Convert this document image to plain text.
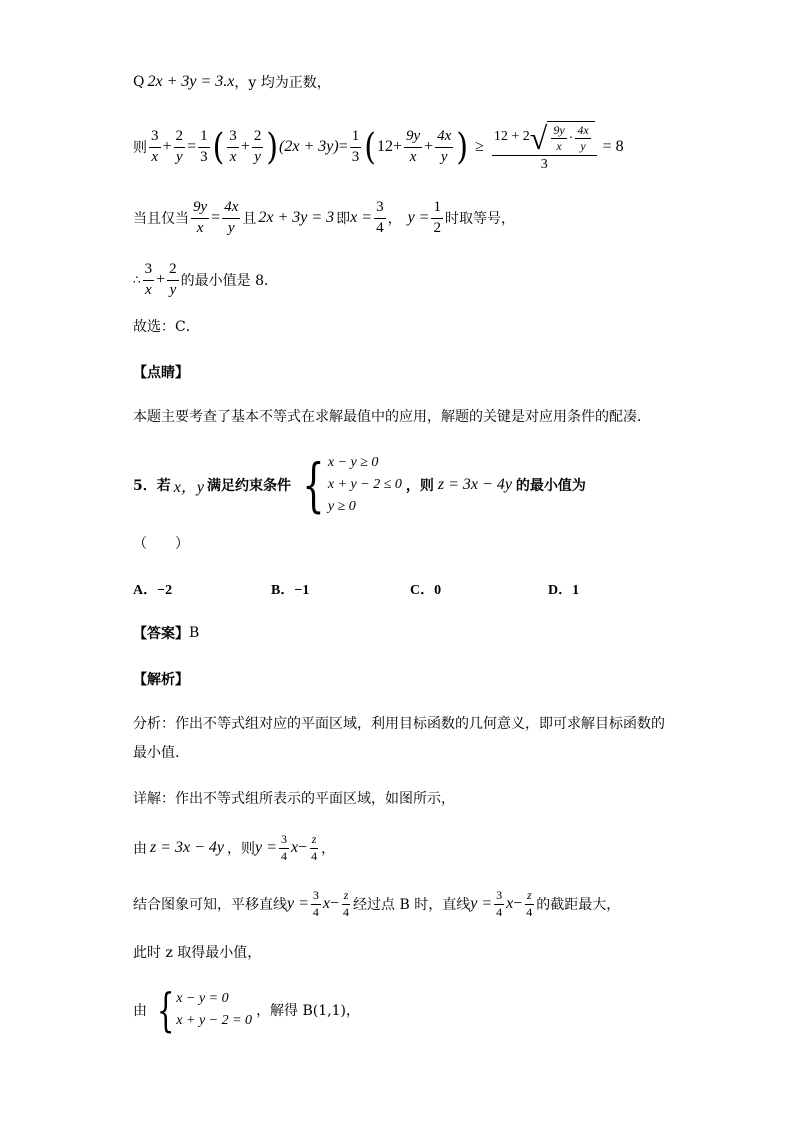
Q 2x + 3y = 3.x ，y 均为正数，
则 $\frac{3}{x} + \frac{2}{y} = \frac{1}{3}$ ( $\frac{3}{x} + \frac{2}{y}$ ) $(2x + 3y) = \frac{1}{3}$ ( $12+ \frac{9y}{x} + \frac{4x}{y}$ ) ≥ $\frac{12 + 2 √ \frac{9y}{x} \cdot \frac{4x}{y}}{3} = 8$
当且仅当 $\frac{9y}{x} = \frac{4x}{y}$ 且 2x + 3y = 3 即 $x = \frac{3}{4}$ ， $y = \frac{1}{2}$ 时取等号，
∴ $\frac{3}{x} + \frac{2}{y}$ 的最小值是 8．
故选：C．
【点睛】
本题主要考查了基本不等式在求解最值中的应用，解题的关键是对应用条件的配凑．
5．若 x，y 满足约束条件 { x − y ≥ 0
x + y − 2 ≤ 0
y ≥ 0
，则 z = 3x − 4y 的最小值为
（　　）
A．−2	B．−1	C．0	D．1
【答案】 B
【解析】
分析：作出不等式组对应的平面区域，利用目标函数的几何意义，即可求解目标函数的
最小值.
详解：作出不等式组所表示的平面区域，如图所示，
由 z = 3x − 4y ，则 $y = \frac{3}{4}$ $x - \frac{z}{4}$ ，
结合图象可知，平移直线 $y = \frac{3}{4}$ $x - \frac{z}{4}$ 经过点 B 时，直线 $y = \frac{3}{4}$ $x - \frac{z}{4}$ 的截距最大，
此时 z 取得最小值，
由 { x − y = 0
x + y − 2 = 0
，解得 B(1,1)，
